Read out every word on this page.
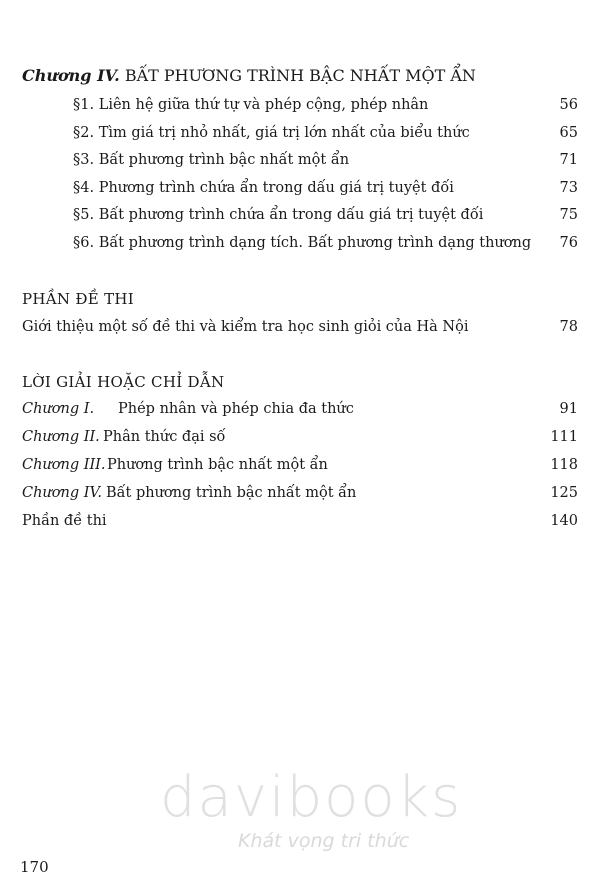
Chương IV. BẤT PHƯƠNG TRÌNH BẬC NHẤT MỘT ẨN
§1. Liên hệ giữa thứ tự và phép cộng, phép nhân	56
§2. Tìm giá trị nhỏ nhất, giá trị lớn nhất của biểu thức	65
§3. Bất phương trình bậc nhất một ẩn	71
§4. Phương trình chứa ẩn trong dấu giá trị tuyệt đối	73
§5. Bất phương trình chứa ẩn trong dấu giá trị tuyệt đối	75
§6. Bất phương trình dạng tích. Bất phương trình dạng thương 76
PHẦN ĐỀ THI
Giới thiệu một số đề thi và kiểm tra học sinh giỏi của Hà Nội	78
LỜI GIẢI HOẶC CHỈ DẪN
Chương I. Phép nhân và phép chia đa thức	91
Chương II. Phân thức đại số	111
Chương III. Phương trình bậc nhất một ẩn	118
Chương IV. Bất phương trình bậc nhất một ẩn	125
Phần đề thi	140
davibooks
Khát vọng tri thức
170
